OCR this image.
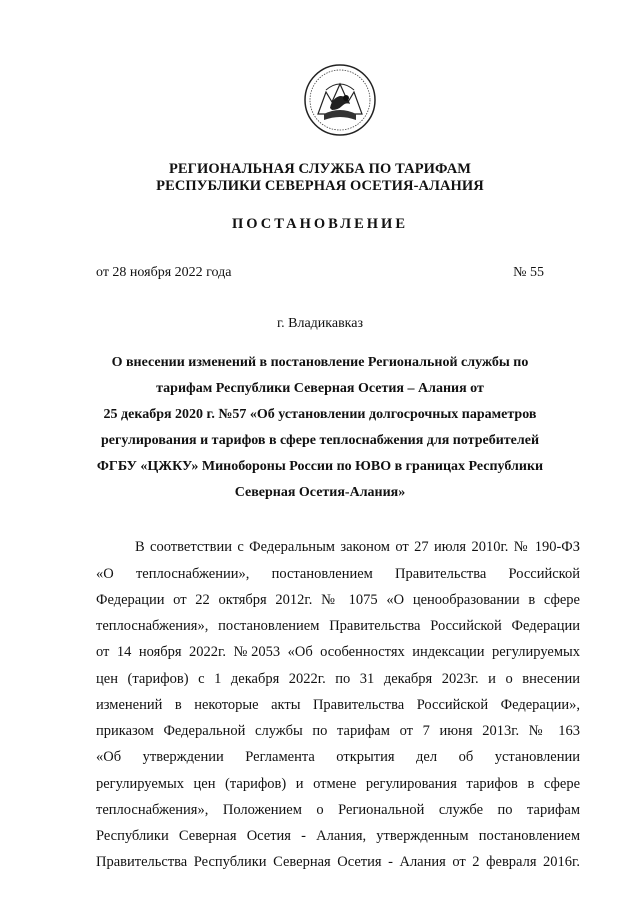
РЕГИОНАЛЬНАЯ СЛУЖБА ПО ТАРИФАМ
РЕСПУБЛИКИ СЕВЕРНАЯ ОСЕТИЯ-АЛАНИЯ
ПОСТАНОВЛЕНИЕ
от 28 ноября 2022 года	№ 55
г. Владикавказ
О внесении изменений в постановление Региональной службы по
тарифам Республики Северная Осетия – Алания от
25 декабря 2020 г. №57 «Об установлении долгосрочных параметров
регулирования и тарифов в сфере теплоснабжения для потребителей
ФГБУ «ЦЖКУ» Минобороны России по ЮВО в границах Республики
Северная Осетия-Алания»
В соответствии с Федеральным законом от 27 июля 2010г. № 190-ФЗ
«О теплоснабжении», постановлением Правительства Российской
Федерации от 22 октября 2012г. № 1075 «О ценообразовании в сфере
теплоснабжения», постановлением Правительства Российской Федерации
от 14 ноября 2022г. №2053 «Об особенностях индексации регулируемых
цен (тарифов) с 1 декабря 2022г. по 31 декабря 2023г. и о внесении
изменений в некоторые акты Правительства Российской Федерации»,
приказом Федеральной службы по тарифам от 7 июня 2013г. № 163
«Об утверждении Регламента открытия дел об установлении
регулируемых цен (тарифов) и отмене регулирования тарифов в сфере
теплоснабжения», Положением о Региональной службе по тарифам
Республики Северная Осетия - Алания, утвержденным постановлением
Правительства Республики Северная Осетия - Алания от 2 февраля 2016г.
